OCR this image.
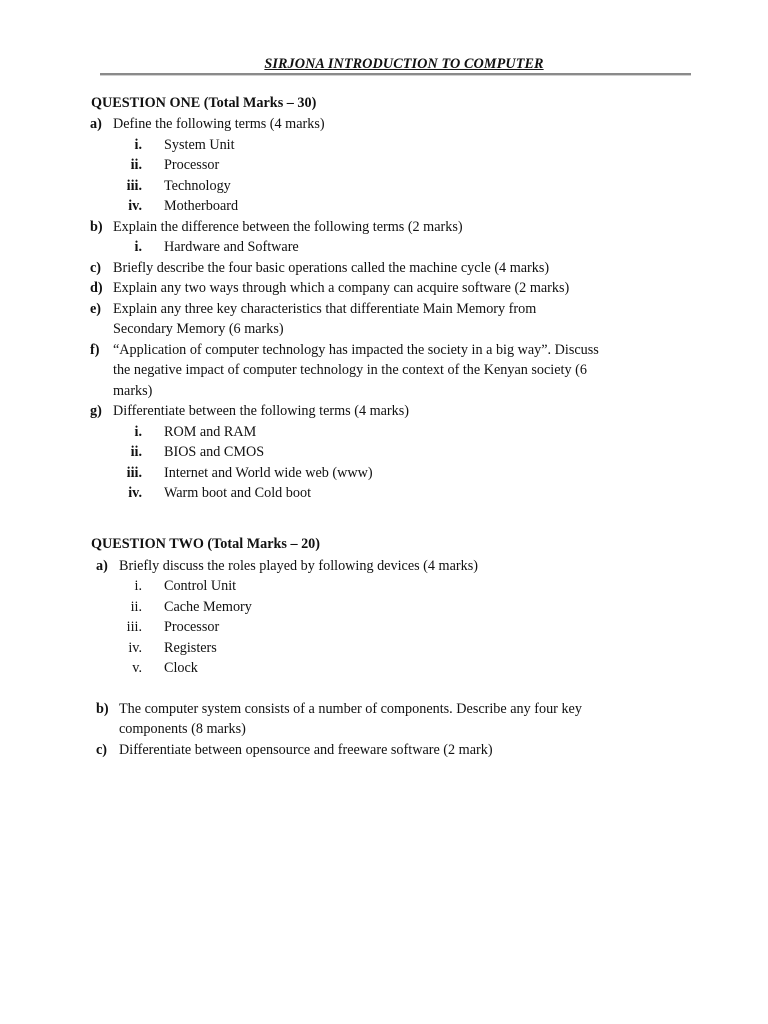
SIRJONA INTRODUCTION TO COMPUTER
QUESTION ONE (Total Marks – 30)
a) Define the following terms (4 marks)
i. System Unit
ii. Processor
iii. Technology
iv. Motherboard
b) Explain the difference between the following terms (2 marks)
i. Hardware and Software
c) Briefly describe the four basic operations called the machine cycle (4 marks)
d) Explain any two ways through which a company can acquire software (2 marks)
e) Explain any three key characteristics that differentiate Main Memory from
Secondary Memory (6 marks)
f) “Application of computer technology has impacted the society in a big way”. Discuss
the negative impact of computer technology in the context of the Kenyan society (6
marks)
g) Differentiate between the following terms (4 marks)
i. ROM and RAM
ii. BIOS and CMOS
iii. Internet and World wide web (www)
iv. Warm boot and Cold boot
QUESTION TWO (Total Marks – 20)
a) Briefly discuss the roles played by following devices (4 marks)
i. Control Unit
ii. Cache Memory
iii. Processor
iv. Registers
v. Clock
b) The computer system consists of a number of components. Describe any four key
components (8 marks)
c) Differentiate between opensource and freeware software (2 mark)
